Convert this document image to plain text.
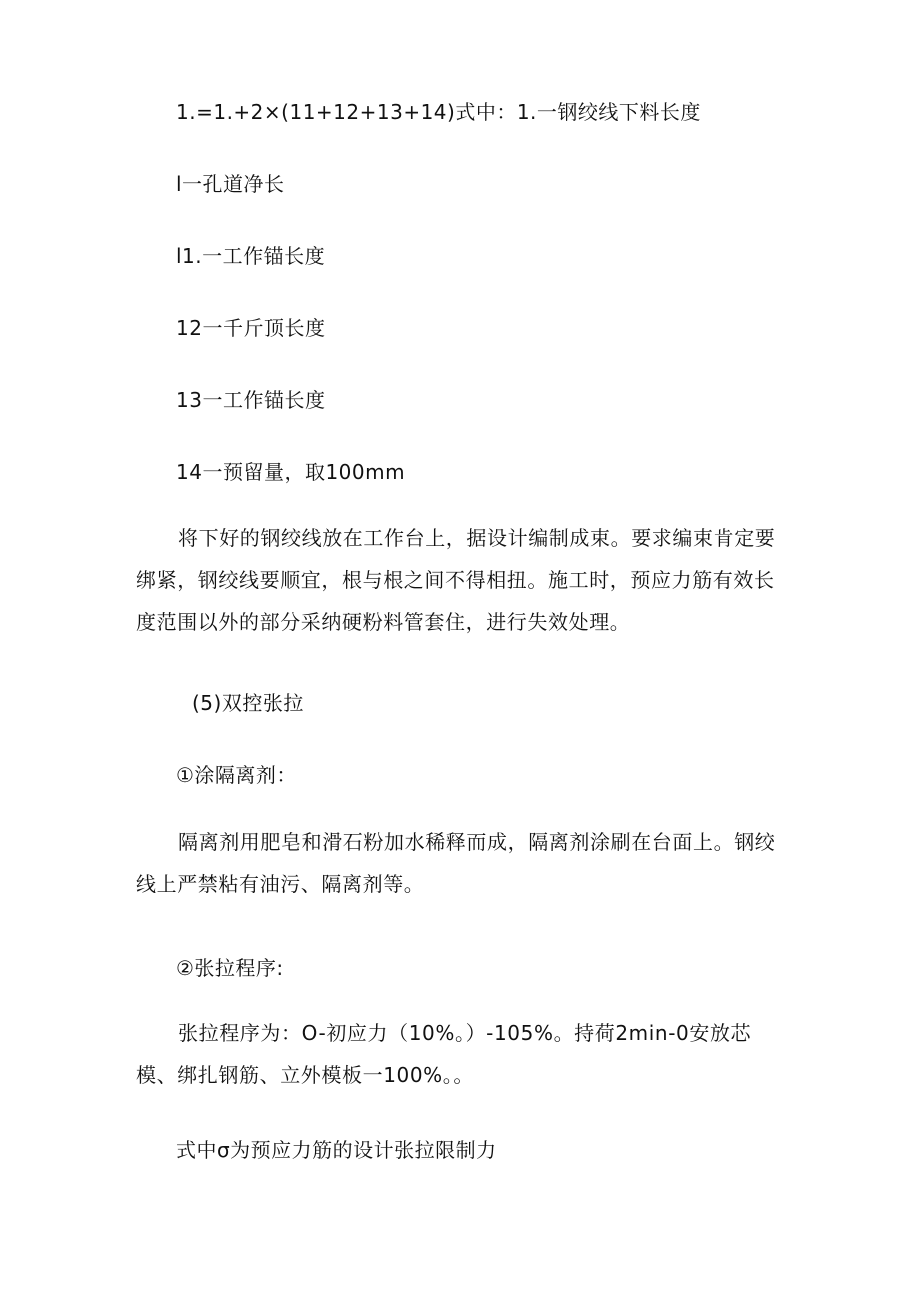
1.=1.+2×(11+12+13+14)式中：1.一钢绞线下料长度
l一孔道净长
l1.一工作锚长度
12一千斤顶长度
13一工作锚长度
14一预留量，取100mm
将下好的钢绞线放在工作台上，据设计编制成束。要求编束肯定要绑紧，钢绞线要顺宜，根与根之间不得相扭。施工时，预应力筋有效长度范围以外的部分采纳硬粉料管套住，进行失效处理。
(5)双控张拉
①涂隔离剂：
隔离剂用肥皂和滑石粉加水稀释而成，隔离剂涂刷在台面上。钢绞线上严禁粘有油污、隔离剂等。
②张拉程序:
张拉程序为：O-初应力（10%。）-105%。持荷2min-0安放芯模、绑扎钢筋、立外模板一100%。。
式中σ为预应力筋的设计张拉限制力
